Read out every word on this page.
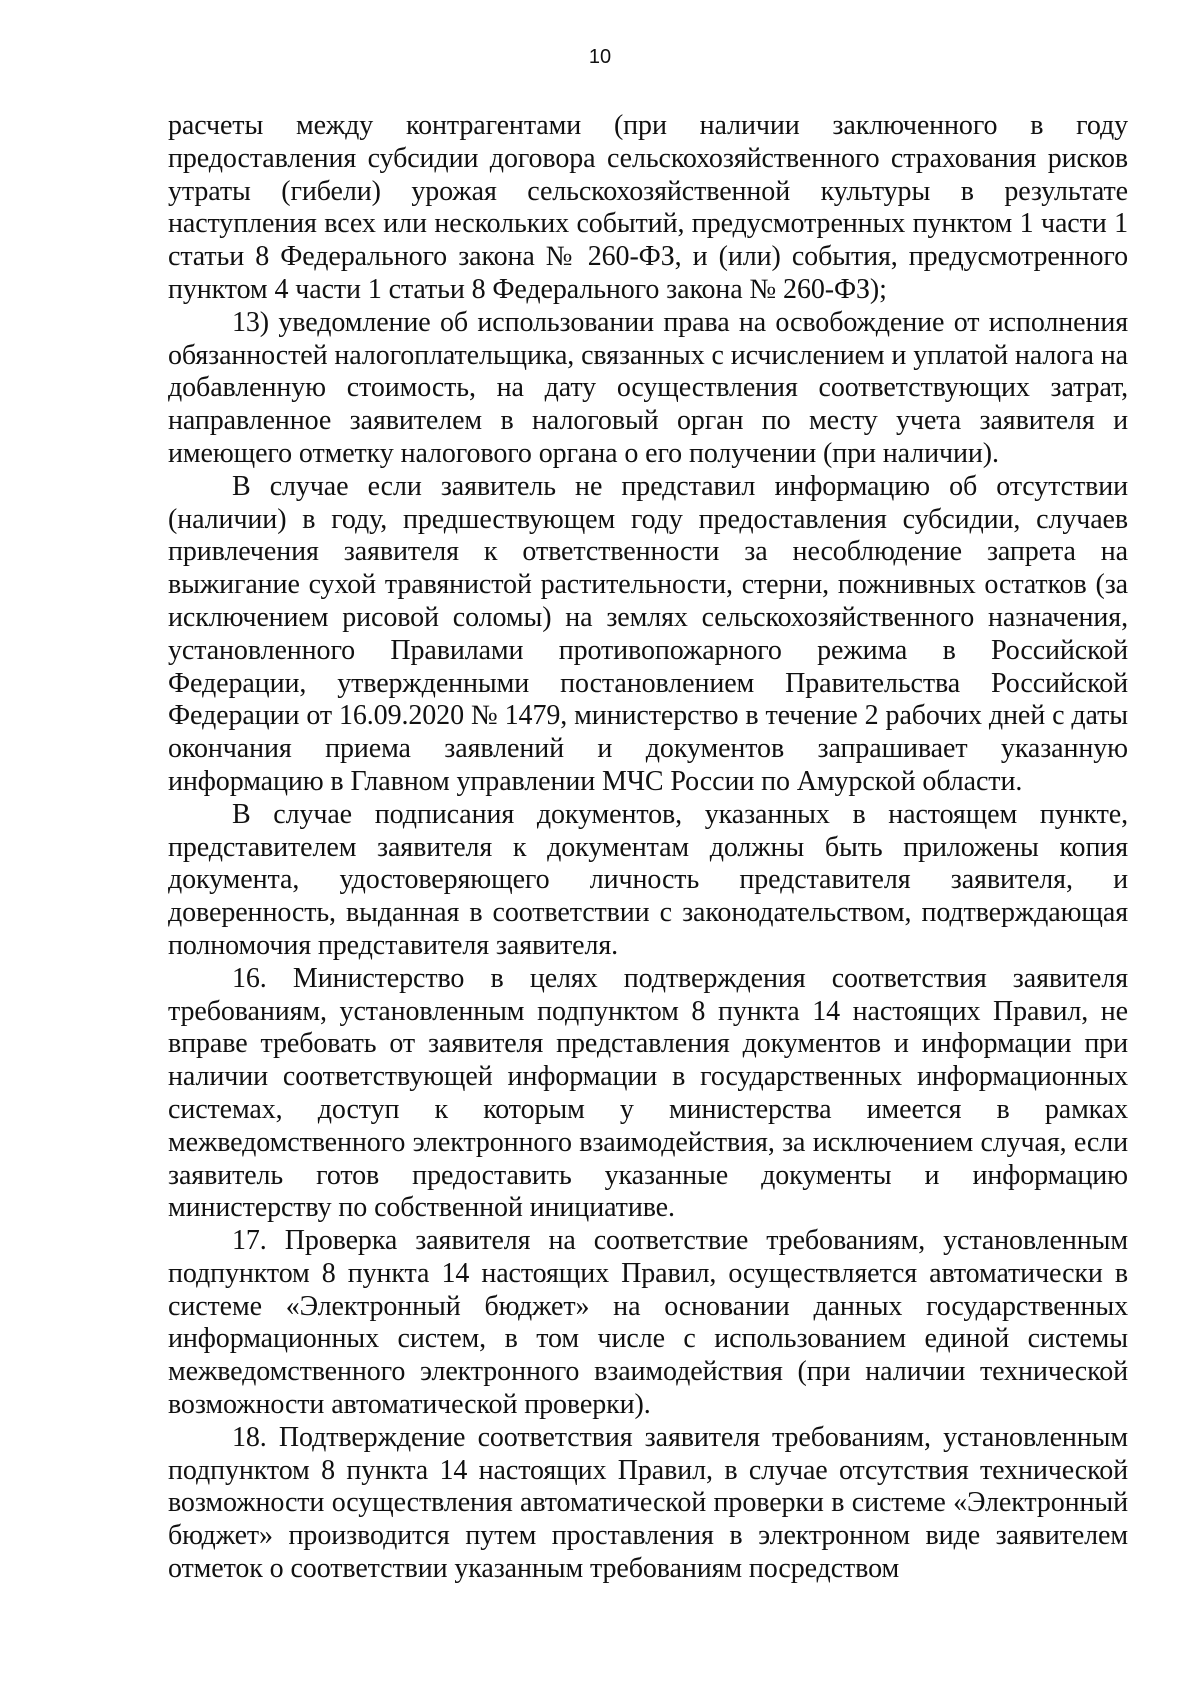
10

расчеты между контрагентами (при наличии заключенного в году предоставления субсидии договора сельскохозяйственного страхования рисков утраты (гибели) урожая сельскохозяйственной культуры в результате наступления всех или нескольких событий, предусмотренных пунктом 1 части 1 статьи 8 Федерального закона № 260-ФЗ, и (или) события, предусмотренного пунктом 4 части 1 статьи 8 Федерального закона № 260-ФЗ);

13) уведомление об использовании права на освобождение от исполнения обязанностей налогоплательщика, связанных с исчислением и уплатой налога на добавленную стоимость, на дату осуществления соответствующих затрат, направленное заявителем в налоговый орган по месту учета заявителя и имеющего отметку налогового органа о его получении (при наличии).

В случае если заявитель не представил информацию об отсутствии (наличии) в году, предшествующем году предоставления субсидии, случаев привлечения заявителя к ответственности за несоблюдение запрета на выжигание сухой травянистой растительности, стерни, пожнивных остатков (за исключением рисовой соломы) на землях сельскохозяйственного назначения, установленного Правилами противопожарного режима в Российской Федерации, утвержденными постановлением Правительства Российской Федерации от 16.09.2020 № 1479, министерство в течение 2 рабочих дней с даты окончания приема заявлений и документов запрашивает указанную информацию в Главном управлении МЧС России по Амурской области.

В случае подписания документов, указанных в настоящем пункте, представителем заявителя к документам должны быть приложены копия документа, удостоверяющего личность представителя заявителя, и доверенность, выданная в соответствии с законодательством, подтверждающая полномочия представителя заявителя.

16. Министерство в целях подтверждения соответствия заявителя требованиям, установленным подпунктом 8 пункта 14 настоящих Правил, не вправе требовать от заявителя представления документов и информации при наличии соответствующей информации в государственных информационных системах, доступ к которым у министерства имеется в рамках межведомственного электронного взаимодействия, за исключением случая, если заявитель готов предоставить указанные документы и информацию министерству по собственной инициативе.

17. Проверка заявителя на соответствие требованиям, установленным подпунктом 8 пункта 14 настоящих Правил, осуществляется автоматически в системе «Электронный бюджет» на основании данных государственных информационных систем, в том числе с использованием единой системы межведомственного электронного взаимодействия (при наличии технической возможности автоматической проверки).

18. Подтверждение соответствия заявителя требованиям, установленным подпунктом 8 пункта 14 настоящих Правил, в случае отсутствия технической возможности осуществления автоматической проверки в системе «Электронный бюджет» производится путем проставления в электронном виде заявителем отметок о соответствии указанным требованиям посредством
